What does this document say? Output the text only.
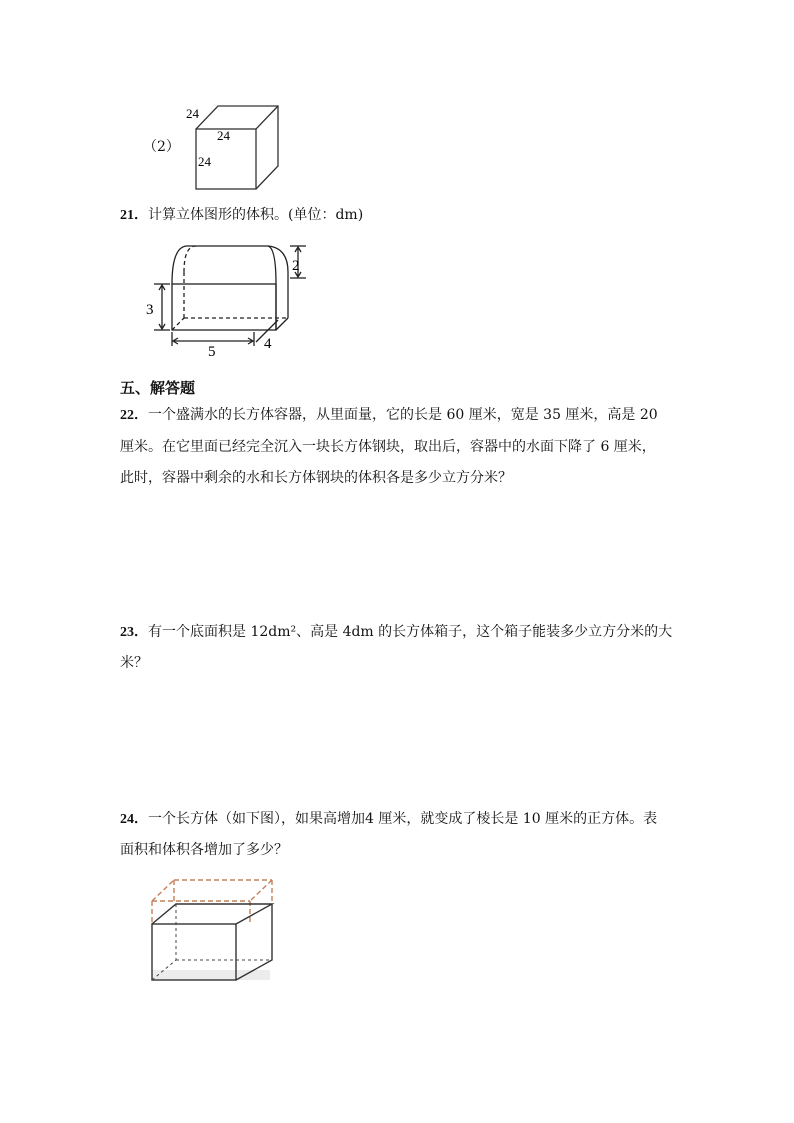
（2）
24
24
24
21．计算立体图形的体积。(单位：dm)
2
3
5	4
五、解答题
22．一个盛满水的长方体容器，从里面量，它的长是 60 厘米，宽是 35 厘米，高是 20
厘米。在它里面已经完全沉入一块长方体钢块，取出后，容器中的水面下降了 6 厘米，
此时，容器中剩余的水和长方体钢块的体积各是多少立方分米？
23．有一个底面积是 12dm²、高是 4dm 的长方体箱子，这个箱子能装多少立方分米的大
米？
24．一个长方体（如下图），如果高增加4 厘米，就变成了棱长是 10 厘米的正方体。表
面积和体积各增加了多少？
